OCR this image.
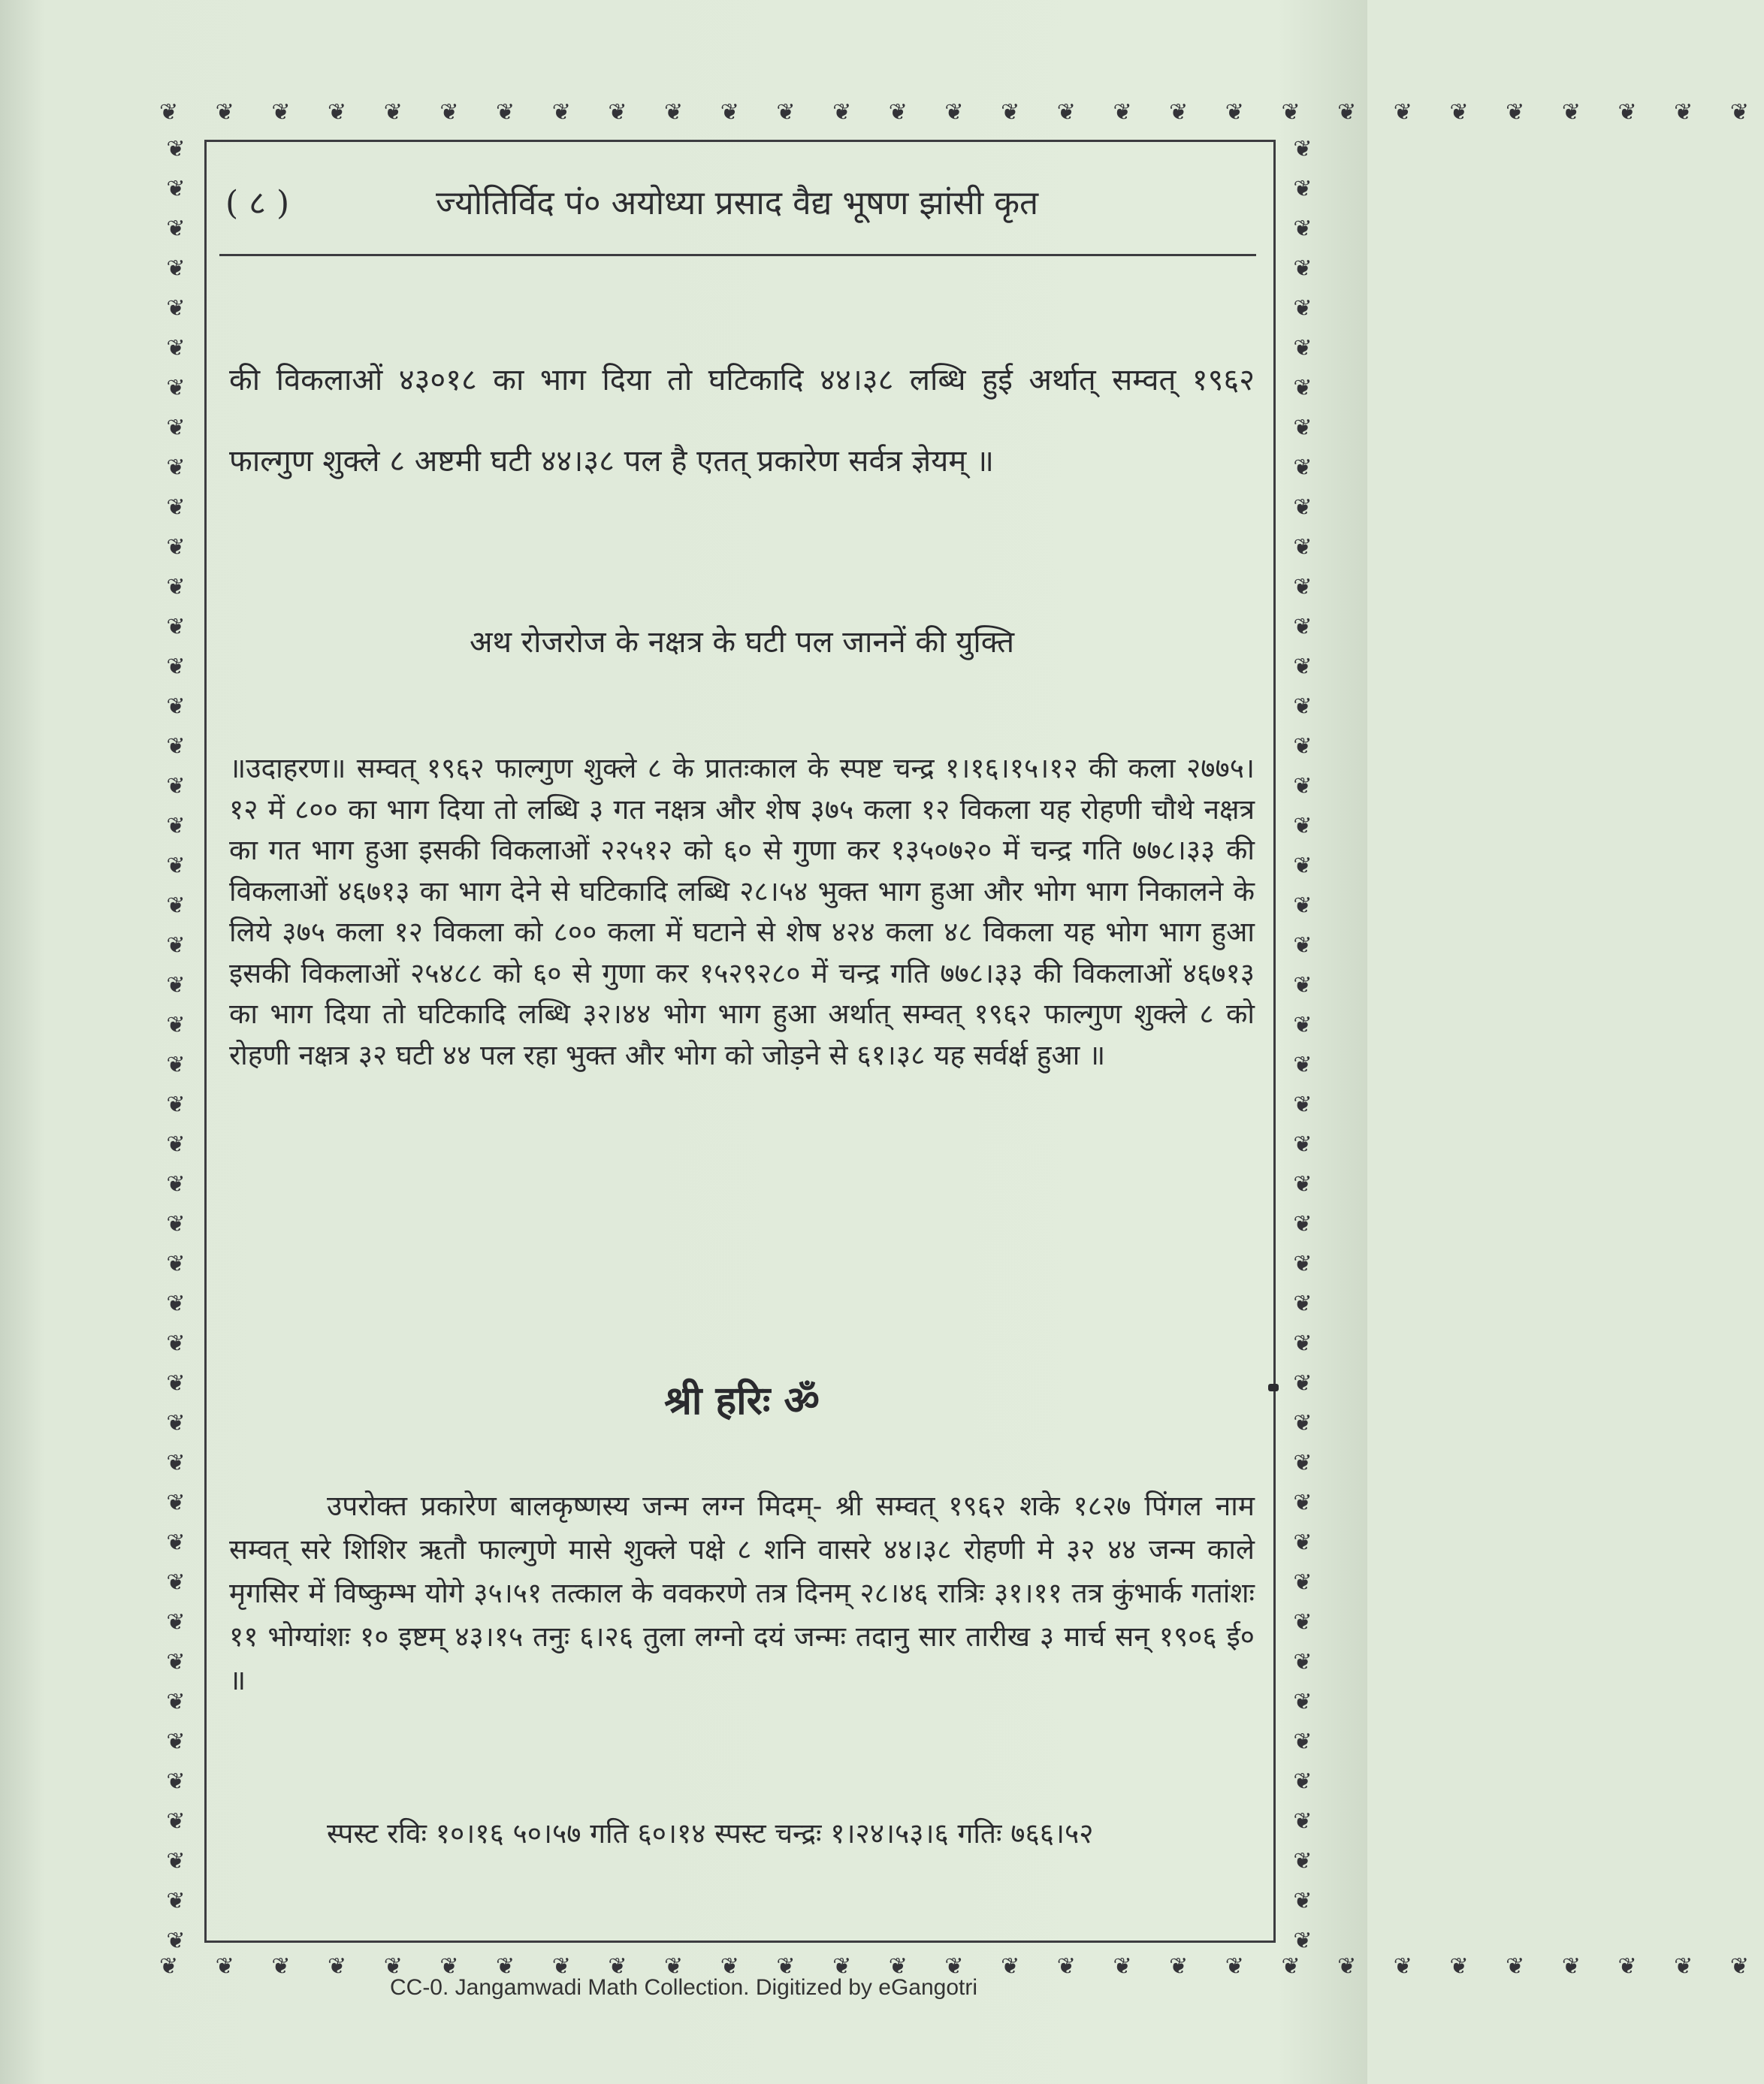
❦ ❦ ❦ ❦ ❦ ❦ ❦ ❦ ❦ ❦ ❦ ❦ ❦ ❦ ❦ ❦ ❦ ❦ ❦ ❦ ❦ ❦ ❦ ❦ ❦ ❦ ❦ ❦ ❦
❦ ❦ ❦ ❦ ❦ ❦ ❦ ❦ ❦ ❦ ❦ ❦ ❦ ❦ ❦ ❦ ❦ ❦ ❦ ❦ ❦ ❦ ❦ ❦ ❦ ❦ ❦ ❦ ❦
❦ ❦ ❦ ❦ ❦ ❦ ❦ ❦ ❦ ❦ ❦ ❦ ❦ ❦ ❦ ❦ ❦ ❦ ❦ ❦ ❦ ❦ ❦ ❦ ❦ ❦ ❦ ❦ ❦ ❦ ❦ ❦ ❦ ❦ ❦ ❦ ❦ ❦ ❦ ❦ ❦ ❦ ❦ ❦ ❦ ❦
❦ ❦ ❦ ❦ ❦ ❦ ❦ ❦ ❦ ❦ ❦ ❦ ❦ ❦ ❦ ❦ ❦ ❦ ❦ ❦ ❦ ❦ ❦ ❦ ❦ ❦ ❦ ❦ ❦ ❦ ❦ ❦ ❦ ❦ ❦ ❦ ❦ ❦ ❦ ❦ ❦ ❦ ❦ ❦ ❦ ❦
( ८ )	ज्योतिर्विद पं० अयोध्या प्रसाद वैद्य भूषण झांसी कृत
की विकलाओं ४३०१८ का भाग दिया तो घटिकादि ४४।३८ लब्धि हुई अर्थात् सम्वत् १९६२ फाल्गुण शुक्ले ८ अष्टमी घटी ४४।३८ पल है एतत् प्रकारेण सर्वत्र ज्ञेयम् ॥
अथ रोजरोज के नक्षत्र के घटी पल जाननें की युक्ति
॥उदाहरण॥ सम्वत् १९६२ फाल्गुण शुक्ले ८ के प्रातःकाल के स्पष्ट चन्द्र १।१६।१५।१२ की कला २७७५।१२ में ८०० का भाग दिया तो लब्धि ३ गत नक्षत्र और शेष ३७५ कला १२ विकला यह रोहणी चौथे नक्षत्र का गत भाग हुआ इसकी विकलाओं २२५१२ को ६० से गुणा कर १३५०७२० में चन्द्र गति ७७८।३३ की विकलाओं ४६७१३ का भाग देने से घटिकादि लब्धि २८।५४ भुक्त भाग हुआ और भोग भाग निकालने के लिये ३७५ कला १२ विकला को ८०० कला में घटाने से शेष ४२४ कला ४८ विकला यह भोग भाग हुआ इसकी विकलाओं २५४८८ को ६० से गुणा कर १५२९२८० में चन्द्र गति ७७८।३३ की विकलाओं ४६७१३ का भाग दिया तो घटिकादि लब्धि ३२।४४ भोग भाग हुआ अर्थात् सम्वत् १९६२ फाल्गुण शुक्ले ८ को रोहणी नक्षत्र ३२ घटी ४४ पल रहा भुक्त और भोग को जोड़ने से ६१।३८ यह सर्वर्क्ष हुआ ॥
श्री हरिः ॐ
उपरोक्त प्रकारेण बालकृष्णस्य जन्म लग्न मिदम्- श्री सम्वत् १९६२ शके १८२७ पिंगल नाम सम्वत् सरे शिशिर ऋतौ फाल्गुणे मासे शुक्ले पक्षे ८ शनि वासरे ४४।३८ रोहणी मे ३२ ४४ जन्म काले मृगसिर में विष्कुम्भ योगे ३५।५१ तत्काल के ववकरणे तत्र दिनम् २८।४६ रात्रिः ३१।११ तत्र कुंभार्क गतांशः ११ भोग्यांशः १० इष्टम् ४३।१५ तनुः ६।२६ तुला लग्नो दयं जन्मः तदानु सार तारीख ३ मार्च सन् १९०६ ई० ॥
स्पस्ट रविः १०।१६ ५०।५७ गति ६०।१४ स्पस्ट चन्द्रः १।२४।५३।६ गतिः ७६६।५२
CC-0. Jangamwadi Math Collection. Digitized by eGangotri
